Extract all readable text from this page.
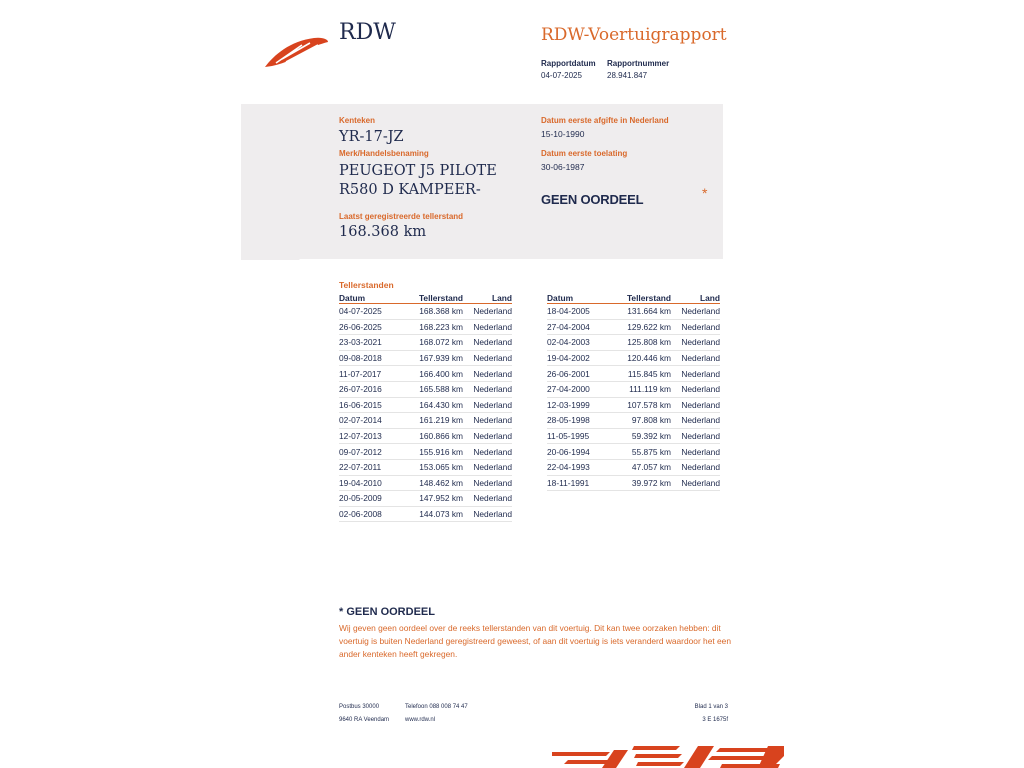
RDW	RDW-Voertuigrapport
Rapportdatum
04-07-2025
Rapportnummer
28.941.847
Kenteken
YR-17-JZ
Merk/Handelsbenaming
PEUGEOT J5 PILOTE
R580 D KAMPEER-
Laatst geregistreerde tellerstand
168.368 km
Datum eerste afgifte in Nederland
15-10-1990
Datum eerste toelating
30-06-1987
GEEN OORDEEL	*
Tellerstanden
Datum	Tellerstand	Land
04-07-2025	168.368 km	Nederland
26-06-2025	168.223 km	Nederland
23-03-2021	168.072 km	Nederland
09-08-2018	167.939 km	Nederland
11-07-2017	166.400 km	Nederland
26-07-2016	165.588 km	Nederland
16-06-2015	164.430 km	Nederland
02-07-2014	161.219 km	Nederland
12-07-2013	160.866 km	Nederland
09-07-2012	155.916 km	Nederland
22-07-2011	153.065 km	Nederland
19-04-2010	148.462 km	Nederland
20-05-2009	147.952 km	Nederland
02-06-2008	144.073 km	Nederland
Datum	Tellerstand	Land
18-04-2005	131.664 km	Nederland
27-04-2004	129.622 km	Nederland
02-04-2003	125.808 km	Nederland
19-04-2002	120.446 km	Nederland
26-06-2001	115.845 km	Nederland
27-04-2000	111.119 km	Nederland
12-03-1999	107.578 km	Nederland
28-05-1998	97.808 km	Nederland
11-05-1995	59.392 km	Nederland
20-06-1994	55.875 km	Nederland
22-04-1993	47.057 km	Nederland
18-11-1991	39.972 km	Nederland
* GEEN OORDEEL
Wij geven geen oordeel over de reeks tellerstanden van dit voertuig. Dit kan twee oorzaken hebben: dit voertuig is buiten Nederland geregistreerd geweest, of aan dit voertuig is iets veranderd waardoor het een ander kenteken heeft gekregen.
Postbus 30000
9640 RA Veendam
Telefoon 088 008 74 47
www.rdw.nl
Blad 1 van 3
3 E 1675f
